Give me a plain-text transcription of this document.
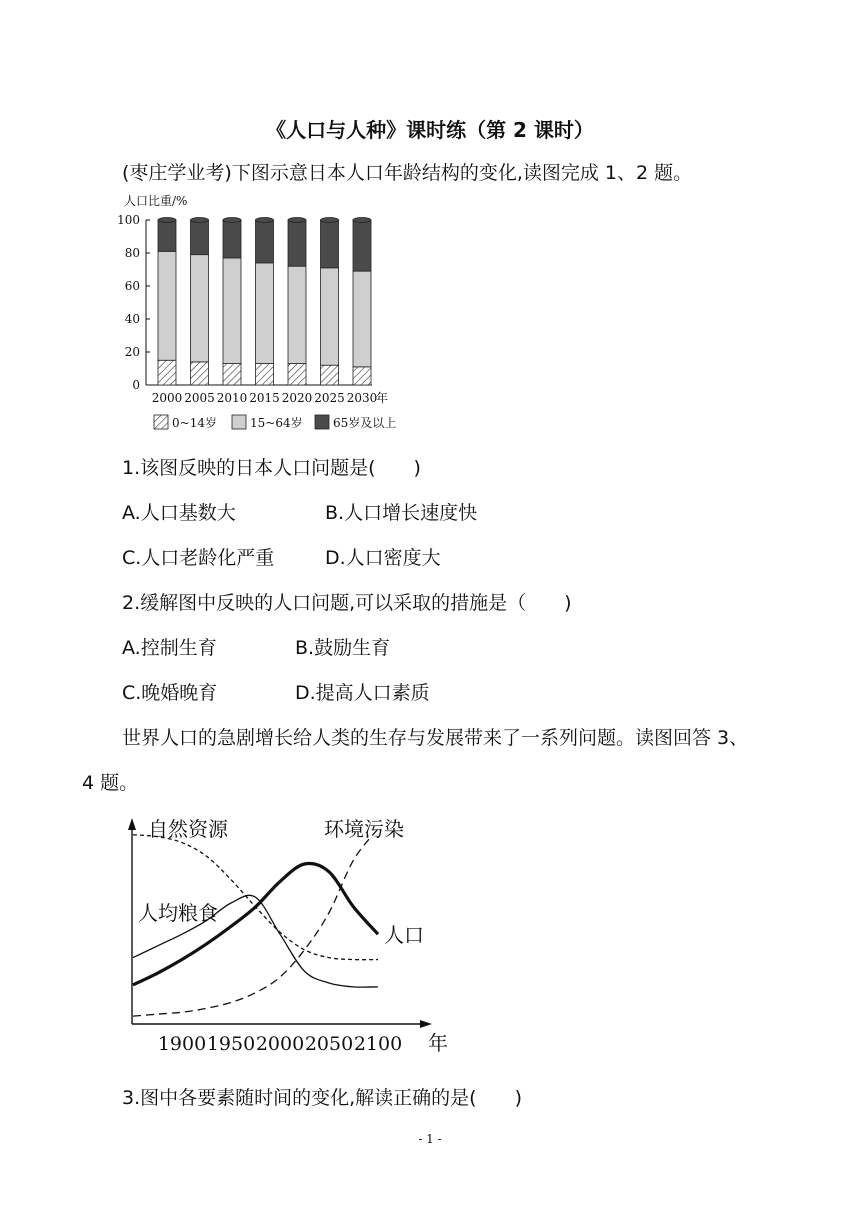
《人口与人种》课时练（第 2 课时）
(枣庄学业考)下图示意日本人口年龄结构的变化,读图完成 1、2 题。
人口比重/%
0
20
40
60
80
100
2000 2005 2010 2015 2020 2025 2030
年
0~14岁	15~64岁	65岁及以上
1.该图反映的日本人口问题是(　　)
A.人口基数大	B.人口增长速度快
C.人口老龄化严重	D.人口密度大
2.缓解图中反映的人口问题,可以采取的措施是（　　)
A.控制生育	B.鼓励生育
C.晚婚晚育	D.提高人口素质
世界人口的急剧增长给人类的生存与发展带来了一系列问题。读图回答 3、
4 题。
自然资源	环境污染
人均粮食
人口
1900 1950 2000 2050 2100 年
3.图中各要素随时间的变化,解读正确的是(　　)
- 1 -
